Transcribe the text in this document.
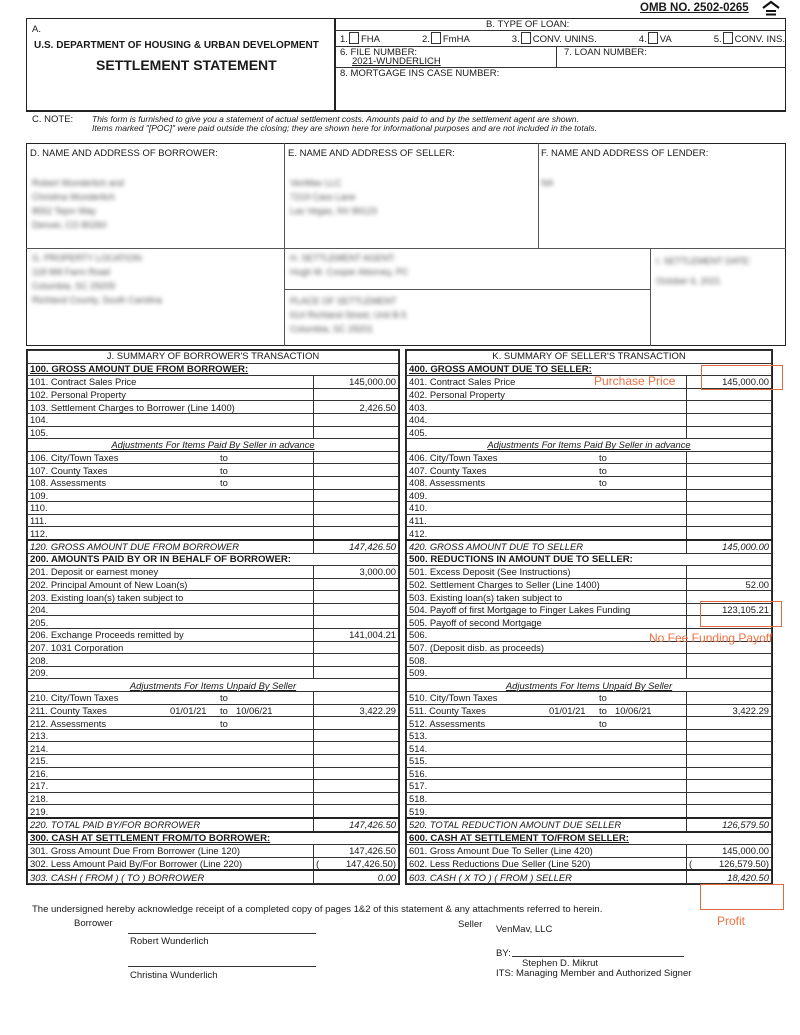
OMB NO. 2502-0265
A.
U.S. DEPARTMENT OF HOUSING & URBAN DEVELOPMENT
SETTLEMENT STATEMENT
B. TYPE OF LOAN:
1. FHA	2. FmHA	3. CONV. UNINS.	4. VA	5. CONV. INS.
6. FILE NUMBER:
2021-WUNDERLICH
7. LOAN NUMBER:
8. MORTGAGE INS CASE NUMBER:
C. NOTE: This form is furnished to give you a statement of actual settlement costs. Amounts paid to and by the settlement agent are shown.
Items marked "[POC]" were paid outside the closing; they are shown here for informational purposes and are not included in the totals.
D. NAME AND ADDRESS OF BORROWER:	E. NAME AND ADDRESS OF SELLER:	F. NAME AND ADDRESS OF LENDER:
Robert Wunderlich and
Christina Wunderlich
8552 Tejon Way
Denver, CO 80260
VenMav LLC
7219 Cass Lane
Las Vegas, NV 89123
NA
G. PROPERTY LOCATION:
118 Mill Farm Road
Columbia, SC 29209
Richland County, South Carolina
H. SETTLEMENT AGENT:
Hugh M. Cooper Attorney, PC
PLACE OF SETTLEMENT
614 Richland Street, Unit B-5
Columbia, SC 29201
I. SETTLEMENT DATE:
October 6, 2021
J. SUMMARY OF BORROWER'S TRANSACTION	
100. GROSS AMOUNT DUE FROM BORROWER:	
101. Contract Sales Price	145,000.00
102. Personal Property	
103. Settlement Charges to Borrower (Line 1400)	2,426.50
104.	
105.	
Adjustments For Items Paid By Seller in advance	

106. City/Town Taxes to	

107. County Taxes to	

108. Assessments to	

109.	
110.	
111.	
112.	
120. GROSS AMOUNT DUE FROM BORROWER	147,426.50
200. AMOUNTS PAID BY OR IN BEHALF OF BORROWER:	
201. Deposit or earnest money	3,000.00
202. Principal Amount of New Loan(s)	
203. Existing loan(s) taken subject to	
204.	
205.	
206. Exchange Proceeds remitted by	141,004.21
207. 1031 Corporation	
208.	
209.	
Adjustments For Items Unpaid By Seller	

210. City/Town Taxes to	

211. County Taxes 01/01/21 to 10/06/21	3,422.29

212. Assessments to	

213.	
214.	
215.	
216.	
217.	
218.	
219.	
220. TOTAL PAID BY/FOR BORROWER	147,426.50
300. CASH AT SETTLEMENT FROM/TO BORROWER:	
301. Gross Amount Due From Borrower (Line 120)	147,426.50
302. Less Amount Paid By/For Borrower (Line 220)	( 147,426.50)
303. CASH ( FROM ) ( TO ) BORROWER	0.00
K. SUMMARY OF SELLER'S TRANSACTION	
400. GROSS AMOUNT DUE TO SELLER:	
401. Contract Sales Price	145,000.00
402. Personal Property	
403.	
404.	
405.	
Adjustments For Items Paid By Seller in advance	

406. City/Town Taxes to	

407. County Taxes to	

408. Assessments to	

409.	
410.	
411.	
412.	
420. GROSS AMOUNT DUE TO SELLER	145,000.00
500. REDUCTIONS IN AMOUNT DUE TO SELLER:	
501. Excess Deposit (See Instructions)	
502. Settlement Charges to Seller (Line 1400)	52.00
503. Existing loan(s) taken subject to	
504. Payoff of first Mortgage to Finger Lakes Funding	123,105.21
505. Payoff of second Mortgage	
506.	
507. (Deposit disb. as proceeds)	
508.	
509.	
Adjustments For Items Unpaid By Seller	

510. City/Town Taxes to	

511. County Taxes 01/01/21 to 10/06/21	3,422.29

512. Assessments to	

513.	
514.	
515.	
516.	
517.	
518.	
519.	
520. TOTAL REDUCTION AMOUNT DUE SELLER	126,579.50
600. CASH AT SETTLEMENT TO/FROM SELLER:	
601. Gross Amount Due To Seller (Line 420)	145,000.00
602. Less Reductions Due Seller (Line 520)	( 126,579.50)
603. CASH ( X TO ) ( FROM ) SELLER	18,420.50
The undersigned hereby acknowledge receipt of a completed copy of pages 1&2 of this statement & any attachments referred to herein.
Borrower
Robert Wunderlich
Christina Wunderlich
Seller VenMav, LLC
BY:
Stephen D. Mikrut
ITS: Managing Member and Authorized Signer
Purchase Price
No Fee Funding Payoff
Profit
